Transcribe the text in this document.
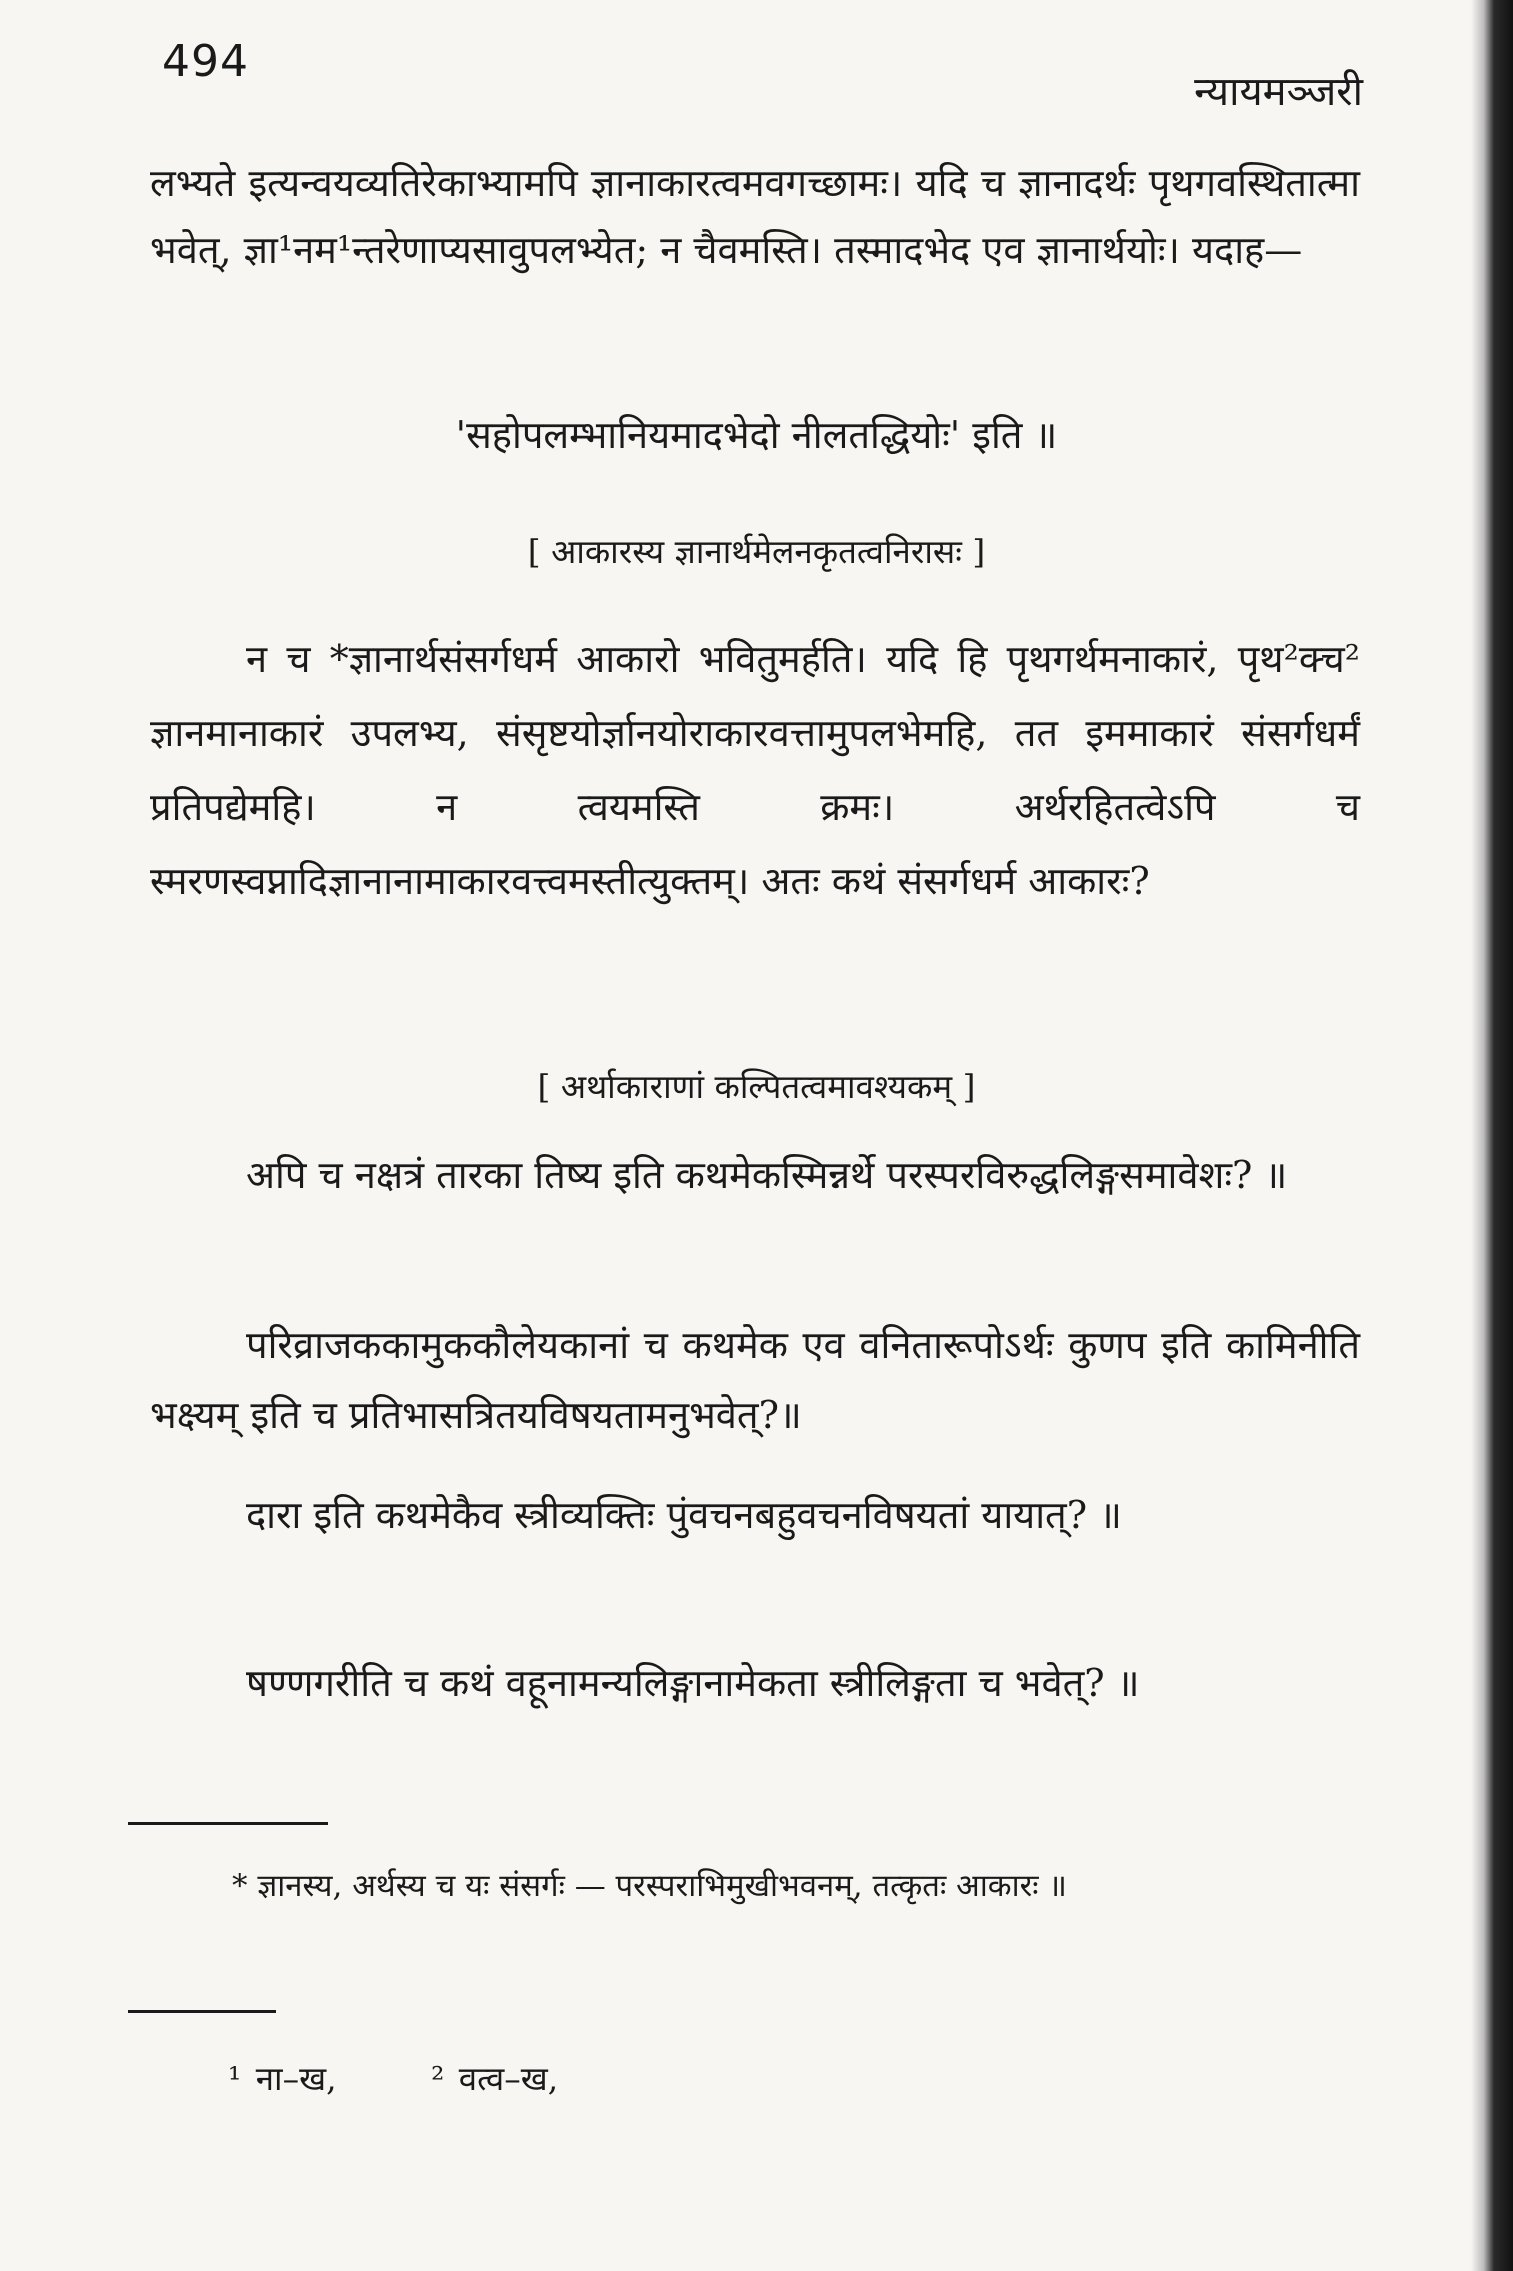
494
न्यायमञ्जरी
लभ्यते इत्यन्वयव्यतिरेकाभ्यामपि ज्ञानाकारत्वमवगच्छामः। यदि च ज्ञानादर्थः पृथगवस्थितात्मा भवेत्, ज्ञा¹नम¹न्तरेणाप्यसावुपलभ्येत; न चैवमस्ति। तस्मादभेद एव ज्ञानार्थयोः। यदाह—
'सहोपलम्भानियमादभेदो नीलतद्धियोः' इति ॥
[ आकारस्य ज्ञानार्थमेलनकृतत्वनिरासः ]
न च *ज्ञानार्थसंसर्गधर्म आकारो भवितुमर्हति। यदि हि पृथगर्थमनाकारं, पृथ²क्च² ज्ञानमानाकारं उपलभ्य, संसृष्टयोर्ज्ञानयोराकारवत्तामुपलभेमहि, तत इममाकारं संसर्गधर्मं प्रतिपद्येमहि। न त्वयमस्ति क्रमः। अर्थरहितत्वेऽपि च स्मरणस्वप्नादिज्ञानानामाकारवत्त्वमस्तीत्युक्तम्। अतः कथं संसर्गधर्म आकारः?
[ अर्थाकाराणां कल्पितत्वमावश्यकम् ]
अपि च नक्षत्रं तारका तिष्य इति कथमेकस्मिन्नर्थे परस्परविरुद्धलिङ्गसमावेशः? ॥
परिव्राजककामुककौलेयकानां च कथमेक एव वनितारूपोऽर्थः कुणप इति कामिनीति भक्ष्यम् इति च प्रतिभासत्रितयविषयतामनुभवेत्?॥
दारा इति कथमेकैव स्त्रीव्यक्तिः पुंवचनबहुवचनविषयतां यायात्? ॥
षण्णगरीति च कथं वहूनामन्यलिङ्गानामेकता स्त्रीलिङ्गता च भवेत्? ॥
* ज्ञानस्य, अर्थस्य च यः संसर्गः — परस्पराभिमुखीभवनम्, तत्कृतः आकारः ॥
¹ ना–ख,	² वत्व–ख,
